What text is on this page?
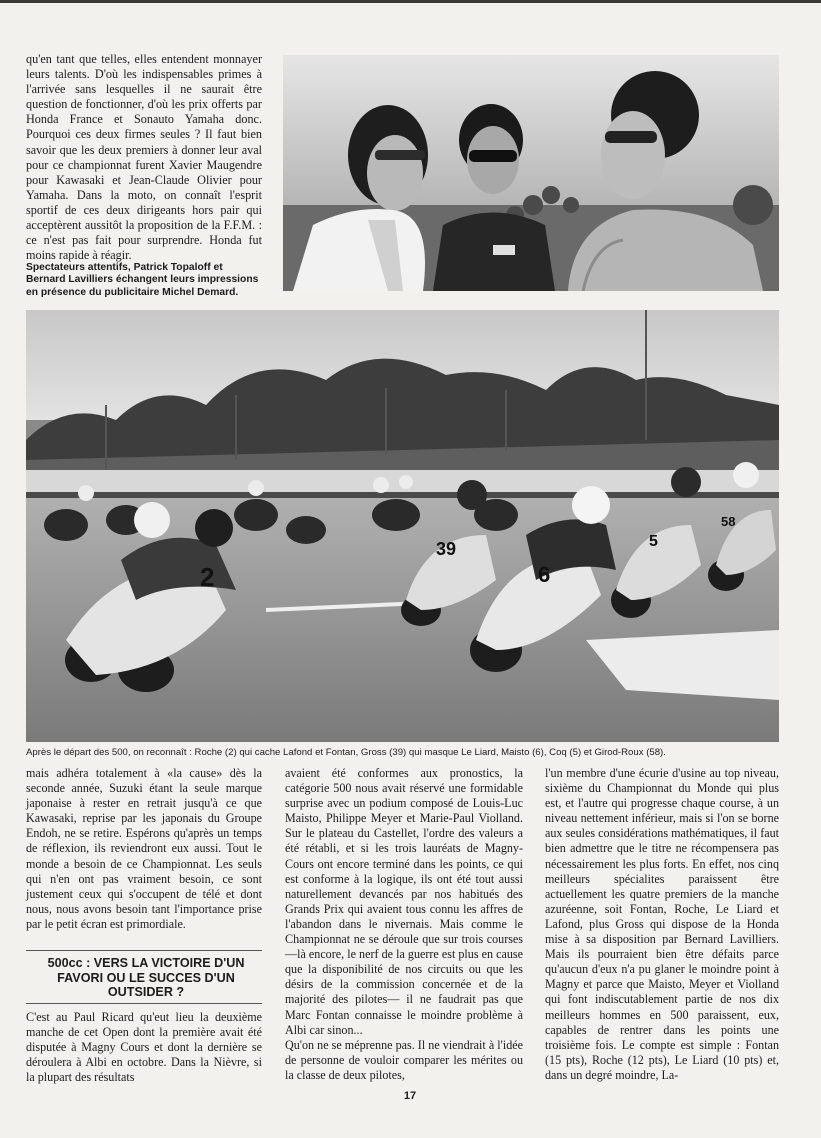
qu'en tant que telles, elles entendent monnayer leurs talents. D'où les indispensables primes à l'arrivée sans lesquelles il ne saurait être question de fonctionner, d'où les prix offerts par Honda France et Sonauto Yamaha donc. Pourquoi ces deux firmes seules ? Il faut bien savoir que les deux premiers à donner leur aval pour ce championnat furent Xavier Maugendre pour Kawasaki et Jean-Claude Olivier pour Yamaha. Dans la moto, on connaît l'esprit sportif de ces deux dirigeants hors pair qui acceptèrent aussitôt la proposition de la F.F.M. : ce n'est pas fait pour surprendre. Honda fut moins rapide à réagir.
Spectateurs attentifs, Patrick Topaloff et Bernard Lavilliers échangent leurs impressions en présence du publicitaire Michel Demard.
2
39
6
5
58
Après le départ des 500, on reconnaît : Roche (2) qui cache Lafond et Fontan, Gross (39) qui masque Le Liard, Maisto (6), Coq (5) et Girod-Roux (58).
mais adhéra totalement à «la cause» dès la seconde année, Suzuki étant la seule marque japonaise à rester en retrait jusqu'à ce que Kawasaki, reprise par les japonais du Groupe Endoh, ne se retire. Espérons qu'après un temps de réflexion, ils reviendront eux aussi. Tout le monde a besoin de ce Championnat. Les seuls qui n'en ont pas vraiment besoin, ce sont justement ceux qui s'occupent de télé et dont nous, nous avons besoin tant l'importance prise par le petit écran est primordiale.
500cc : VERS LA VICTOIRE D'UN FAVORI OU LE SUCCES D'UN OUTSIDER ?
C'est au Paul Ricard qu'eut lieu la deuxième manche de cet Open dont la première avait été disputée à Magny Cours et dont la dernière se déroulera à Albi en octobre. Dans la Nièvre, si la plupart des résultats
avaient été conformes aux pronostics, la catégorie 500 nous avait réservé une formidable surprise avec un podium composé de Louis-Luc Maisto, Philippe Meyer et Marie-Paul Violland. Sur le plateau du Castellet, l'ordre des valeurs a été rétabli, et si les trois lauréats de Magny-Cours ont encore terminé dans les points, ce qui est conforme à la logique, ils ont été tout aussi naturellement devancés par nos habitués des Grands Prix qui avaient tous connu les affres de l'abandon dans le nivernais. Mais comme le Championnat ne se déroule que sur trois courses —là encore, le nerf de la guerre est plus en cause que la disponibilité de nos circuits ou que les désirs de la commission concernée et de la majorité des pilotes— il ne faudrait pas que Marc Fontan connaisse le moindre problème à Albi car sinon...
Qu'on ne se méprenne pas. Il ne viendrait à l'idée de personne de vouloir comparer les mérites ou la classe de deux pilotes,
l'un membre d'une écurie d'usine au top niveau, sixième du Championnat du Monde qui plus est, et l'autre qui progresse chaque course, à un niveau nettement inférieur, mais si l'on se borne aux seules considérations mathématiques, il faut bien admettre que le titre ne récompensera pas nécessairement les plus forts. En effet, nos cinq meilleurs spécialites paraissent être actuellement les quatre premiers de la manche azuréenne, soit Fontan, Roche, Le Liard et Lafond, plus Gross qui dispose de la Honda mise à sa disposition par Bernard Lavilliers. Mais ils pourraient bien être défaits parce qu'aucun d'eux n'a pu glaner le moindre point à Magny et parce que Maisto, Meyer et Violland qui font indiscutablement partie de nos dix meilleurs hommes en 500 paraissent, eux, capables de rentrer dans les points une troisième fois. Le compte est simple : Fontan (15 pts), Roche (12 pts), Le Liard (10 pts) et, dans un degré moindre, La-
17
